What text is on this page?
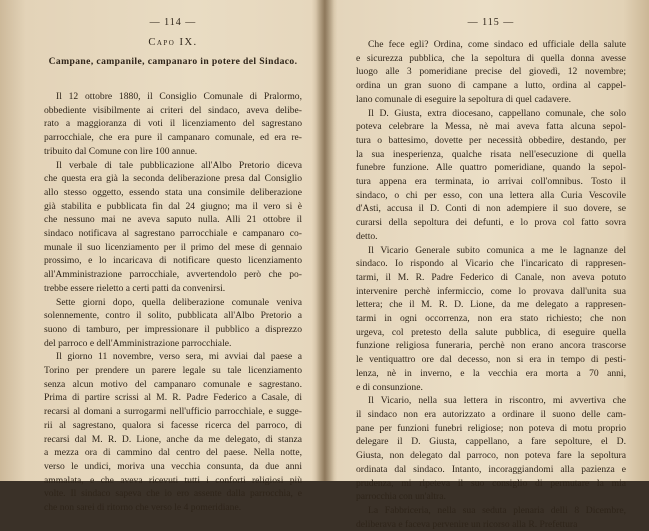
— 114 —
Capo IX.
Campane, campanile, campanaro in potere del Sindaco.
Il 12 ottobre 1880, il Consiglio Comunale di Pralormo,
obbediente visibilmente ai criteri del sindaco, aveva delibe-
rato a maggioranza di voti il licenziamento del sagrestano
parrocchiale, che era pure il campanaro comunale, ed era re-
tribuito dal Comune con lire 100 annue.
Il verbale di tale pubblicazione all'Albo Pretorio diceva
che questa era già la seconda deliberazione presa dal Consiglio
allo stesso oggetto, essendo stata una consimile deliberazione
già stabilita e pubblicata fin dal 24 giugno; ma il vero si è
che nessuno mai ne aveva saputo nulla. Alli 21 ottobre il
sindaco notificava al sagrestano parrocchiale e campanaro co-
munale il suo licenziamento per il primo del mese di gennaio
prossimo, e lo incaricava di notificare questo licenziamento
all'Amministrazione parrocchiale, avvertendolo però che po-
trebbe essere rieletto a certi patti da convenirsi.
Sette giorni dopo, quella deliberazione comunale veniva
solennemente, contro il solito, pubblicata all'Albo Pretorio a
suono di tamburo, per impressionare il pubblico a disprezzo
del parroco e dell'Amministrazione parrocchiale.
Il giorno 11 novembre, verso sera, mi avviai dal paese a
Torino per prendere un parere legale su tale licenziamento
senza alcun motivo del campanaro comunale e sagrestano.
Prima di partire scrissi al M. R. Padre Federico a Casale, di
recarsi al domani a surrogarmi nell'ufficio parrocchiale, e sugge-
rii al sagrestano, qualora si facesse ricerca del parroco, di
recarsi dal M. R. D. Lione, anche da me delegato, di stanza
a mezza ora di cammino dal centro del paese. Nella notte,
verso le undici, moriva una vecchia consunta, da due anni
ammalata, e che aveva ricevuti tutti i conforti religiosi più
volte. Il sindaco sapeva che io ero assente dalla parrocchia, e
che non sarei di ritorno che verso le 4 pomeridiane.
— 115 —
Che fece egli? Ordina, come sindaco ed ufficiale della salute
e sicurezza pubblica, che la sepoltura di quella donna avesse
luogo alle 3 pomeridiane precise del giovedì, 12 novembre;
ordina un gran suono di campane a lutto, ordina al cappel-
lano comunale di eseguire la sepoltura di quel cadavere.
Il D. Giusta, extra diocesano, cappellano comunale, che solo
poteva celebrare la Messa, nè mai aveva fatta alcuna sepol-
tura o battesimo, dovette per necessità obbedire, destando, per
la sua inesperienza, qualche risata nell'esecuzione di quella
funebre funzione. Alle quattro pomeridiane, quando la sepol-
tura appena era terminata, io arrivai coll'omnibus. Tosto il
sindaco, o chi per esso, con una lettera alla Curia Vescovile
d'Asti, accusa il D. Conti di non adempiere il suo dovere, se
curarsi della sepoltura dei defunti, e lo prova col fatto sovra
detto.
Il Vicario Generale subito comunica a me le lagnanze del
sindaco. Io rispondo al Vicario che l'incaricato di rappresen-
tarmi, il M. R. Padre Federico di Canale, non aveva potuto
intervenire perchè infermiccio, come lo provava dall'unita sua
lettera; che il M. R. D. Lione, da me delegato a rappresen-
tarmi in ogni occorrenza, non era stato richiesto; che non
urgeva, col pretesto della salute pubblica, di eseguire quella
funzione religiosa funeraria, perchè non erano ancora trascorse
le ventiquattro ore dal decesso, non si era in tempo di pesti-
lenza, nè in inverno, e la vecchia era morta a 70 anni,
e di consunzione.
Il Vicario, nella sua lettera in riscontro, mi avvertiva che
il sindaco non era autorizzato a ordinare il suono delle cam-
pane per funzioni funebri religiose; non poteva di motu proprio
delegare il D. Giusta, cappellano, a fare sepolture, el D.
Giusta, non delegato dal parroco, non poteva fare la sepoltura
ordinata dal sindaco. Intanto, incoraggiandomi alla pazienza e
prudenza, mi ripeteva il suo consiglio di permutare la mia
parrocchia con un'altra.
La Fabbriceria, nella sua seduta plenaria delli 8 Dicembre,
deliberava e faceva pervenire un ricorso alla R. Prefettura
